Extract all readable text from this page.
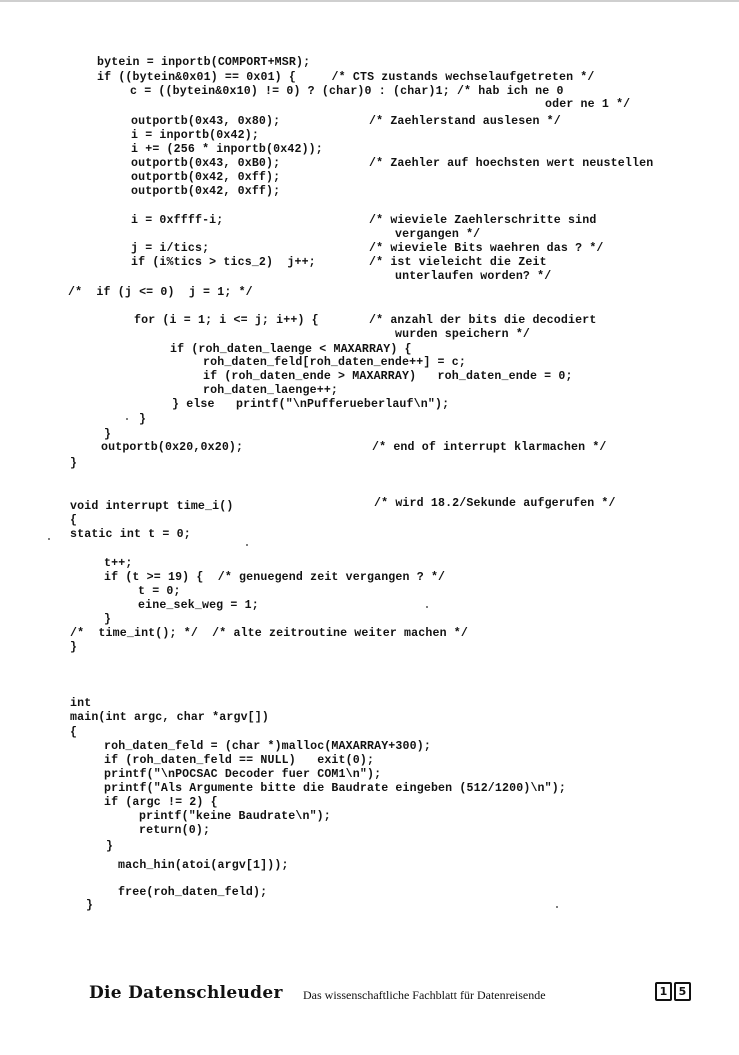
bytein = inportb(COMPORT+MSR);
if ((bytein&0x01) == 0x01) {     /* CTS zustands wechselaufgetreten */
c = ((bytein&0x10) != 0) ? (char)0 : (char)1; /* hab ich ne 0
oder ne 1 */
outportb(0x43, 0x80);	/* Zaehlerstand auslesen */
i = inportb(0x42);
i += (256 * inportb(0x42));
outportb(0x43, 0xB0);	/* Zaehler auf hoechsten wert neustellen
outportb(0x42, 0xff);
outportb(0x42, 0xff);
i = 0xffff-i;	/* wieviele Zaehlerschritte sind
vergangen */
j = i/tics;	/* wieviele Bits waehren das ? */
if (i%tics > tics_2)  j++;	/* ist vieleicht die Zeit
unterlaufen worden? */
/*  if (j <= 0)  j = 1; */
for (i = 1; i <= j; i++) {	/* anzahl der bits die decodiert
wurden speichern */
if (roh_daten_laenge < MAXARRAY) {
roh_daten_feld[roh_daten_ende++] = c;
if (roh_daten_ende > MAXARRAY)   roh_daten_ende = 0;
roh_daten_laenge++;
} else   printf("\nPufferueberlauf\n");
}
}
outportb(0x20,0x20);	/* end of interrupt klarmachen */
}
void interrupt time_i()	/* wird 18.2/Sekunde aufgerufen */
{
static int t = 0;
t++;
if (t >= 19) {  /* genuegend zeit vergangen ? */
t = 0;
eine_sek_weg = 1;
}
/*  time_int(); */  /* alte zeitroutine weiter machen */
}
int
main(int argc, char *argv[])
{
roh_daten_feld = (char *)malloc(MAXARRAY+300);
if (roh_daten_feld == NULL)   exit(0);
printf("\nPOCSAC Decoder fuer COM1\n");
printf("Als Argumente bitte die Baudrate eingeben (512/1200)\n");
if (argc != 2) {
printf("keine Baudrate\n");
return(0);
}
mach_hin(atoi(argv[1]));
free(roh_daten_feld);
}
Die Datenschleuder Das wissenschaftliche Fachblatt für Datenreisende	1	5
